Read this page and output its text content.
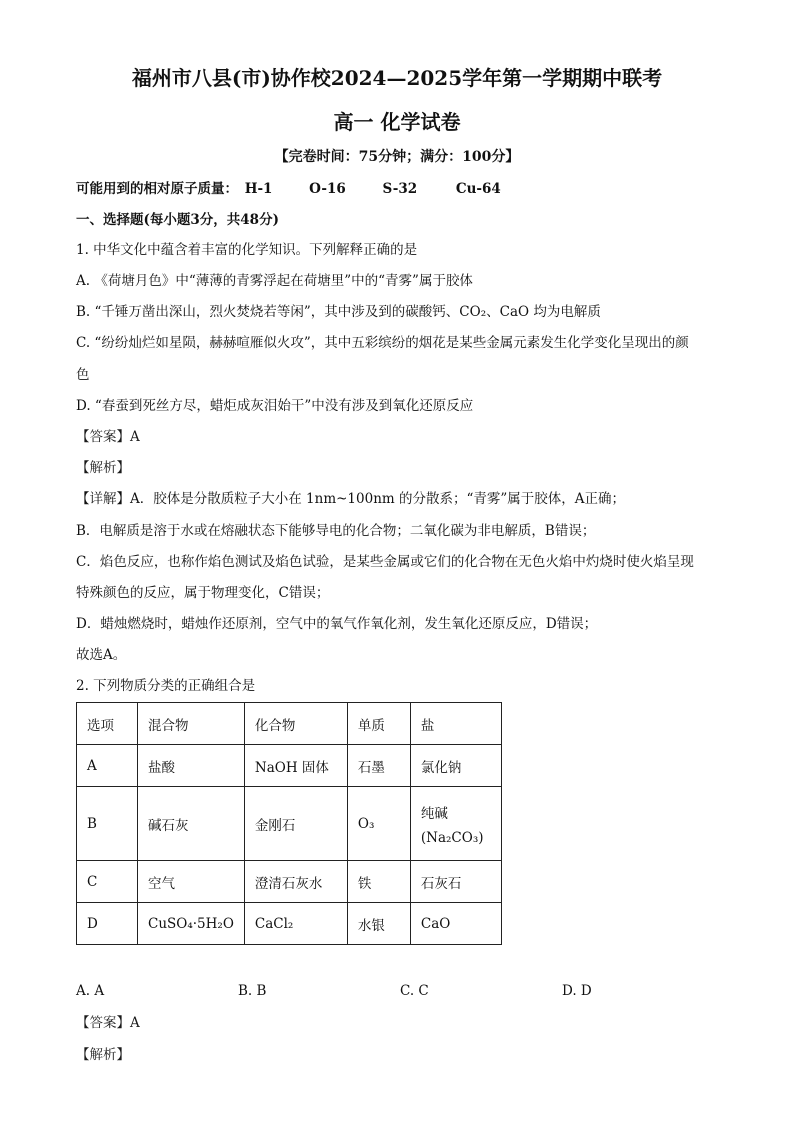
福州市八县(市)协作校2024—2025学年第一学期期中联考
高一 化学试卷
【完卷时间：75分钟；满分：100分】
可能用到的相对原子质量： H-1	O-16	S-32	Cu-64
一、选择题(每小题3分，共48分)
1. 中华文化中蕴含着丰富的化学知识。下列解释正确的是
A. 《荷塘月色》中“薄薄的青雾浮起在荷塘里”中的“青雾”属于胶体
B. “千锤万凿出深山，烈火焚烧若等闲”，其中涉及到的碳酸钙、CO₂、CaO 均为电解质
C. “纷纷灿烂如星陨，赫赫喧雁似火攻”，其中五彩缤纷的烟花是某些金属元素发生化学变化呈现出的颜
色
D. “春蚕到死丝方尽，蜡炬成灰泪始干”中没有涉及到氧化还原反应
【答案】A
【解析】
【详解】A．胶体是分散质粒子大小在 1nm~100nm 的分散系；“青雾”属于胶体，A正确；
B．电解质是溶于水或在熔融状态下能够导电的化合物；二氧化碳为非电解质，B错误；
C．焰色反应，也称作焰色测试及焰色试验，是某些金属或它们的化合物在无色火焰中灼烧时使火焰呈现
特殊颜色的反应，属于物理变化，C错误；
D．蜡烛燃烧时，蜡烛作还原剂，空气中的氧气作氧化剂，发生氧化还原反应，D错误；
故选A。
2. 下列物质分类的正确组合是
选项	混合物	化合物	单质	盐
A	盐酸	NaOH 固体	石墨	氯化钠
B	碱石灰	金刚石	O₃	纯碱
(Na₂CO₃)

C	空气	澄清石灰水	铁	石灰石
D	CuSO₄·5H₂O	CaCl₂	水银	CaO
A. A	B. B	C. C	D. D
【答案】A
【解析】
